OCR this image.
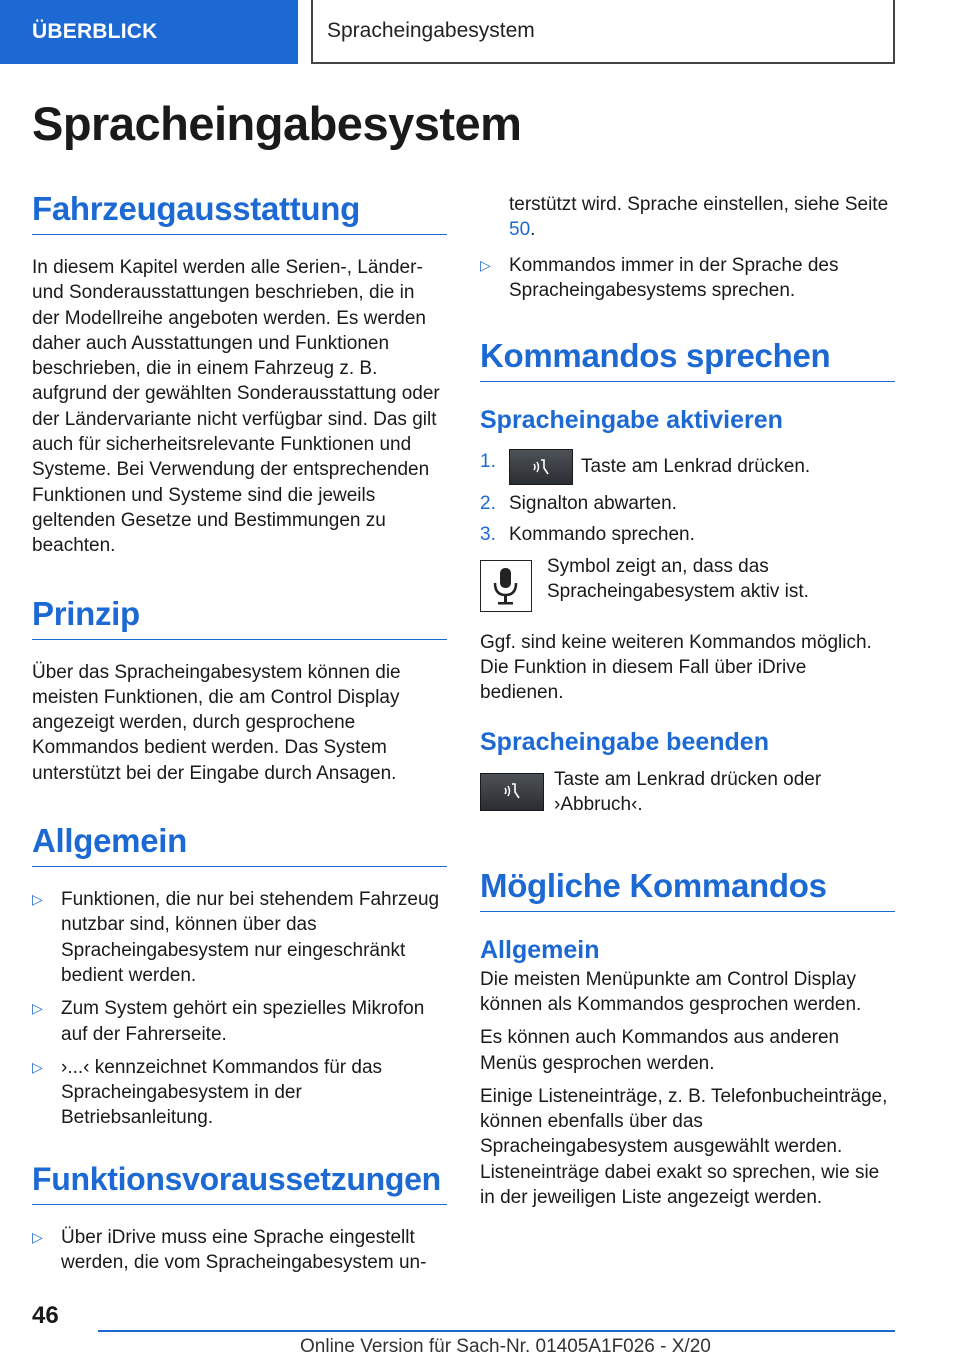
ÜBERBLICK	Spracheingabesystem
Spracheingabesystem
Fahrzeugausstattung

In diesem Kapitel werden alle Serien-, Länder- und Sonderausstattungen beschrieben, die in der Modellreihe angeboten werden. Es werden daher auch Ausstattungen und Funktionen beschrieben, die in einem Fahrzeug z. B. aufgrund der gewählten Sonderausstattung oder der Ländervariante nicht verfügbar sind. Das gilt auch für sicherheitsrelevante Funktionen und Systeme. Bei Verwendung der entsprechenden Funktionen und Systeme sind die jeweils geltenden Gesetze und Bestimmungen zu beachten.

Prinzip

Über das Spracheingabesystem können die meisten Funktionen, die am Control Display angezeigt werden, durch gesprochene Kommandos bedient werden. Das System unterstützt bei der Eingabe durch Ansagen.

Allgemein
▷ Funktionen, die nur bei stehendem Fahrzeug nutzbar sind, können über das Spracheingabesystem nur eingeschränkt bedient werden.
▷ Zum System gehört ein spezielles Mikrofon auf der Fahrerseite.
▷ ›...‹ kennzeichnet Kommandos für das Spracheingabesystem in der Betriebsanleitung.
Funktionsvoraussetzungen
▷ Über iDrive muss eine Sprache eingestellt werden, die vom Spracheingabesystem un-

terstützt wird. Sprache einstellen, siehe Seite 50.

▷ Kommandos immer in der Sprache des Spracheingabesystems sprechen.
Kommandos sprechen
Spracheingabe aktivieren
1.	Taste am Lenkrad drücken.
2. Signalton abwarten.
3. Kommando sprechen.

Symbol zeigt an, dass das Spracheingabesystem aktiv ist.

Ggf. sind keine weiteren Kommandos möglich. Die Funktion in diesem Fall über iDrive bedienen.

Spracheingabe beenden

Taste am Lenkrad drücken oder ›Abbruch‹.

Mögliche Kommandos
Allgemein

Die meisten Menüpunkte am Control Display können als Kommandos gesprochen werden.

Es können auch Kommandos aus anderen Menüs gesprochen werden.

Einige Listeneinträge, z. B. Telefonbucheinträge, können ebenfalls über das Spracheingabesystem ausgewählt werden. Listeneinträge dabei exakt so sprechen, wie sie in der jeweiligen Liste angezeigt werden.

46
Online Version für Sach-Nr. 01405A1F026 - X/20
